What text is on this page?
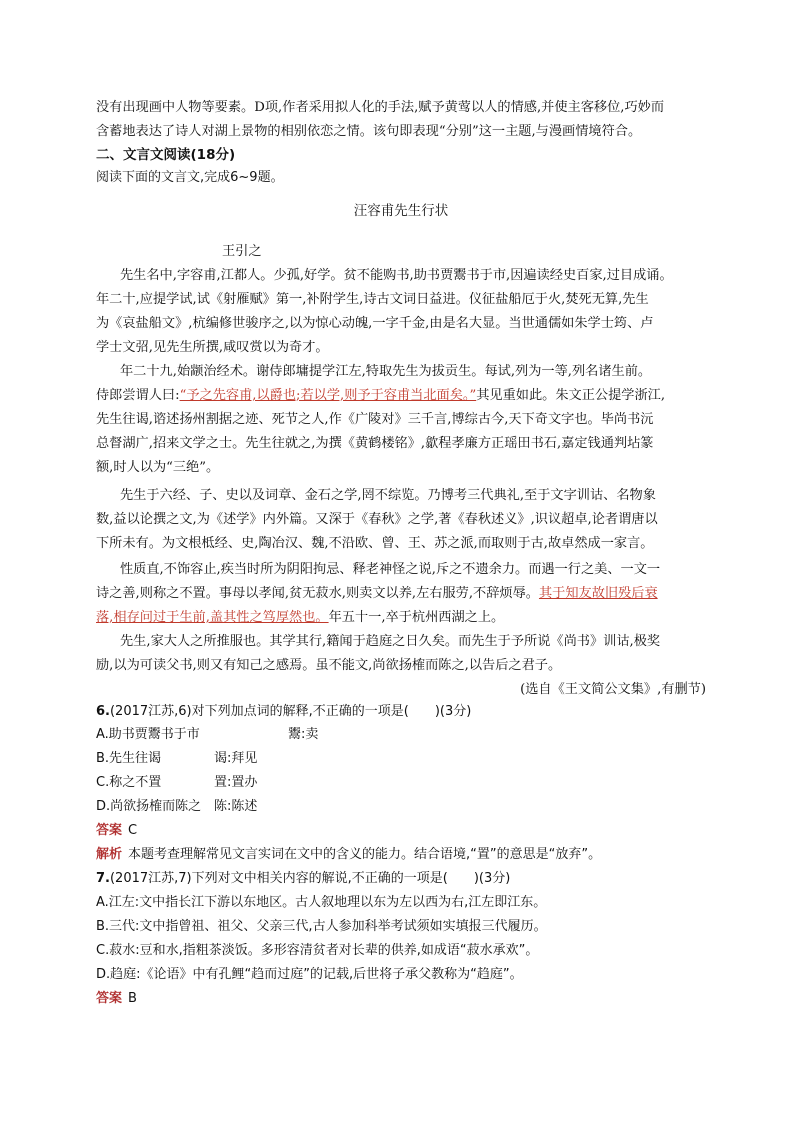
没有出现画中人物等要素。D项,作者采用拟人化的手法,赋予黄莺以人的情感,并使主客移位,巧妙而
含蓄地表达了诗人对湖上景物的相别依恋之情。该句即表现“分别”这一主题,与漫画情境符合。
二、文言文阅读(18分)
阅读下面的文言文,完成6~9题。
汪容甫先生行状
王引之
先生名中,字容甫,江都人。少孤,好学。贫不能购书,助书贾鬻书于市,因遍读经史百家,过目成诵。
年二十,应提学试,试《射雁赋》第一,补附学生,诗古文词日益进。仪征盐船厄于火,焚死无算,先生
为《哀盐船文》,杭编修世骏序之,以为惊心动魄,一字千金,由是名大显。当世通儒如朱学士筠、卢
学士文弨,见先生所撰,咸叹赏以为奇才。
年二十九,始颛治经术。谢侍郎墉提学江左,特取先生为拔贡生。每试,列为一等,列名诸生前。
侍郎尝谓人曰:“予之先容甫,以爵也;若以学,则予于容甫当北面矣。”其见重如此。朱文正公提学浙江,
先生往谒,谘述扬州割据之迹、死节之人,作《广陵对》三千言,博综古今,天下奇文字也。毕尚书沅
总督湖广,招来文学之士。先生往就之,为撰《黄鹤楼铭》,歙程孝廉方正瑶田书石,嘉定钱通判坫篆
额,时人以为“三绝”。
先生于六经、子、史以及词章、金石之学,罔不综览。乃博考三代典礼,至于文字训诂、名物象
数,益以论撰之文,为《述学》内外篇。又深于《春秋》之学,著《春秋述义》,识议超卓,论者谓唐以
下所未有。为文根柢经、史,陶冶汉、魏,不沿欧、曾、王、苏之派,而取则于古,故卓然成一家言。
性质直,不饰容止,疾当时所为阴阳拘忌、释老神怪之说,斥之不遗余力。而遇一行之美、一文一
诗之善,则称之不置。事母以孝闻,贫无菽水,则卖文以养,左右服劳,不辞烦辱。其于知友故旧殁后衰
落,相存问过于生前,盖其性之笃厚然也。年五十一,卒于杭州西湖之上。
先生,家大人之所推服也。其学其行,籍闻于趋庭之日久矣。而先生于予所说《尚书》训诂,极奖
励,以为可读父书,则又有知己之感焉。虽不能文,尚欲扬榷而陈之,以告后之君子。
(选自《王文简公文集》,有删节)
6.(2017江苏,6)对下列加点词的解释,不正确的一项是(　　)(3分)
A.助书贾鬻书于市	鬻:卖
B.先生往谒	谒:拜见
C.称之不置	置:置办
D.尚欲扬榷而陈之 陈:陈述
答案 C
解析 本题考查理解常见文言实词在文中的含义的能力。结合语境,“置”的意思是“放弃”。
7.(2017江苏,7)下列对文中相关内容的解说,不正确的一项是(　　)(3分)
A.江左:文中指长江下游以东地区。古人叙地理以东为左以西为右,江左即江东。
B.三代:文中指曾祖、祖父、父亲三代,古人参加科举考试须如实填报三代履历。
C.菽水:豆和水,指粗茶淡饭。多形容清贫者对长辈的供养,如成语“菽水承欢”。
D.趋庭:《论语》中有孔鲤“趋而过庭”的记载,后世将子承父教称为“趋庭”。
答案 B
